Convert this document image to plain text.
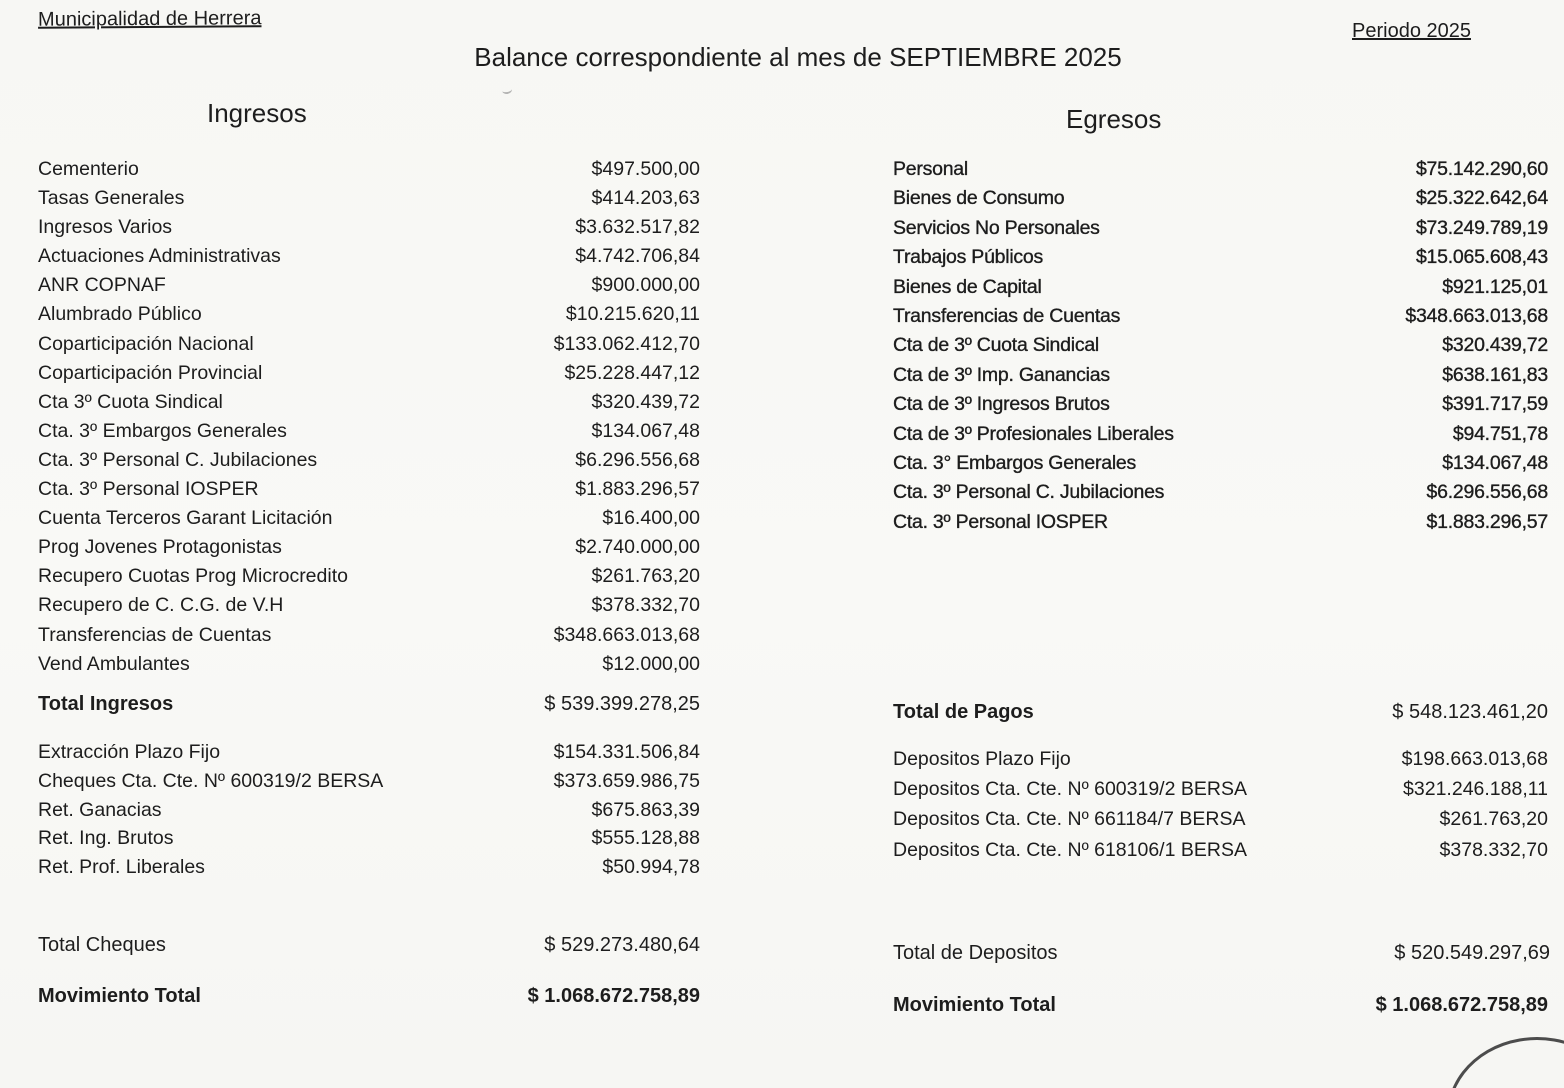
Municipalidad de Herrera
Periodo 2025
Balance correspondiente al mes de SEPTIEMBRE 2025
Ingresos	Egresos
Cementerio	$497.500,00
Tasas Generales	$414.203,63
Ingresos Varios	$3.632.517,82
Actuaciones Administrativas	$4.742.706,84
ANR COPNAF	$900.000,00
Alumbrado Público	$10.215.620,11
Coparticipación Nacional	$133.062.412,70
Coparticipación Provincial	$25.228.447,12
Cta 3º Cuota Sindical	$320.439,72
Cta. 3º Embargos Generales	$134.067,48
Cta. 3º Personal C. Jubilaciones	$6.296.556,68
Cta. 3º Personal IOSPER	$1.883.296,57
Cuenta Terceros Garant Licitación	$16.400,00
Prog Jovenes Protagonistas	$2.740.000,00
Recupero Cuotas Prog Microcredito	$261.763,20
Recupero de C. C.G. de V.H	$378.332,70
Transferencias de Cuentas	$348.663.013,68
Vend Ambulantes	$12.000,00
Total Ingresos	$ 539.399.278,25
Extracción Plazo Fijo	$154.331.506,84
Cheques Cta. Cte. Nº 600319/2 BERSA	$373.659.986,75
Ret. Ganacias	$675.863,39
Ret. Ing. Brutos	$555.128,88
Ret. Prof. Liberales	$50.994,78
Total Cheques	$ 529.273.480,64
Movimiento Total	$ 1.068.672.758,89
Personal	$75.142.290,60
Bienes de Consumo	$25.322.642,64
Servicios No Personales	$73.249.789,19
Trabajos Públicos	$15.065.608,43
Bienes de Capital	$921.125,01
Transferencias de Cuentas	$348.663.013,68
Cta de 3º Cuota Sindical	$320.439,72
Cta de 3º Imp. Ganancias	$638.161,83
Cta de 3º Ingresos Brutos	$391.717,59
Cta de 3º Profesionales Liberales	$94.751,78
Cta. 3° Embargos Generales	$134.067,48
Cta. 3º Personal C. Jubilaciones	$6.296.556,68
Cta. 3º Personal IOSPER	$1.883.296,57
Total de Pagos	$ 548.123.461,20
Depositos Plazo Fijo	$198.663.013,68
Depositos Cta. Cte. Nº 600319/2 BERSA	$321.246.188,11
Depositos Cta. Cte. Nº 661184/7 BERSA	$261.763,20
Depositos Cta. Cte. Nº 618106/1 BERSA	$378.332,70
Total de Depositos	$ 520.549.297,69
Movimiento Total	$ 1.068.672.758,89
